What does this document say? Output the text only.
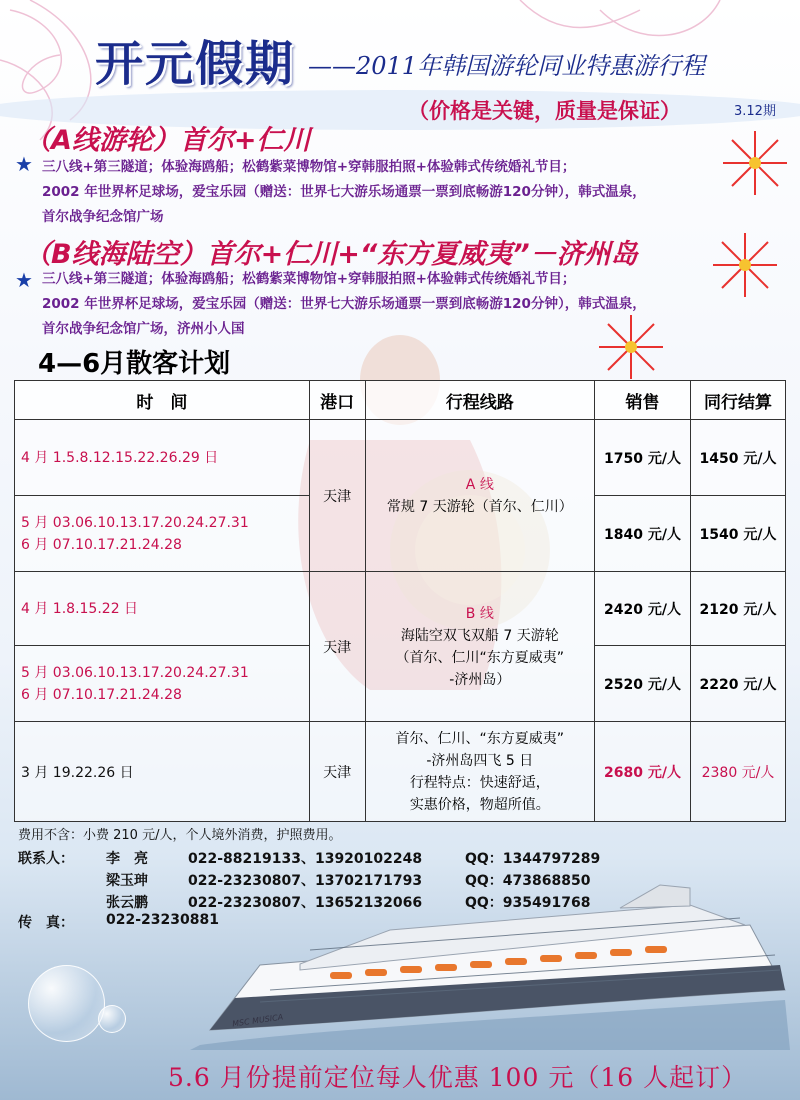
开元假期 ——2011年韩国游轮同业特惠游行程
（价格是关键，质量是保证）	3.12期
（A线游轮）首尔+仁川
★ 三八线+第三隧道；体验海鸥船；松鹤紫菜博物馆+穿韩服拍照+体验韩式传统婚礼节目；
2002 年世界杯足球场，爱宝乐园（赠送：世界七大游乐场通票一票到底畅游120分钟），韩式温泉，
首尔战争纪念馆广场
（B线海陆空）首尔+仁川+“东方夏威夷”－济州岛
★ 三八线+第三隧道；体验海鸥船；松鹤紫菜博物馆+穿韩服拍照+体验韩式传统婚礼节目；
2002 年世界杯足球场，爱宝乐园（赠送：世界七大游乐场通票一票到底畅游120分钟），韩式温泉，
首尔战争纪念馆广场，济州小人国
4—6月散客计划
时　间	港口	行程线路	销售	同行结算

4 月 1.5.8.12.15.22.26.29 日	天津	A 线
常规 7 天游轮（首尔、仁川）	1750 元/人	1450 元/人

5 月 03.06.10.13.17.20.24.27.31
6 月 07.10.17.21.24.28			1840 元/人	1540 元/人

4 月 1.8.15.22 日	天津	B 线
海陆空双飞双船 7 天游轮
（首尔、仁川“东方夏威夷”
-济州岛）	2420 元/人	2120 元/人

5 月 03.06.10.13.17.20.24.27.31
6 月 07.10.17.21.24.28			2520 元/人	2220 元/人

3 月 19.22.26 日	天津	首尔、仁川、“东方夏威夷”
-济州岛四飞 5 日
行程特点：快速舒适，
实惠价格，物超所值。	2680 元/人	2380 元/人
费用不含：小费 210 元/人，个人境外消费，护照费用。
联系人： 李　亮	022-88219133、13920102248	QQ：1344797289
梁玉珅	022-23230807、13702171793	QQ：473868850
张云鹏	022-23230807、13652132066	QQ：935491768
传　真： 022-23230881
MSC MUSICA
5.6 月份提前定位每人优惠 100 元（16 人起订）
